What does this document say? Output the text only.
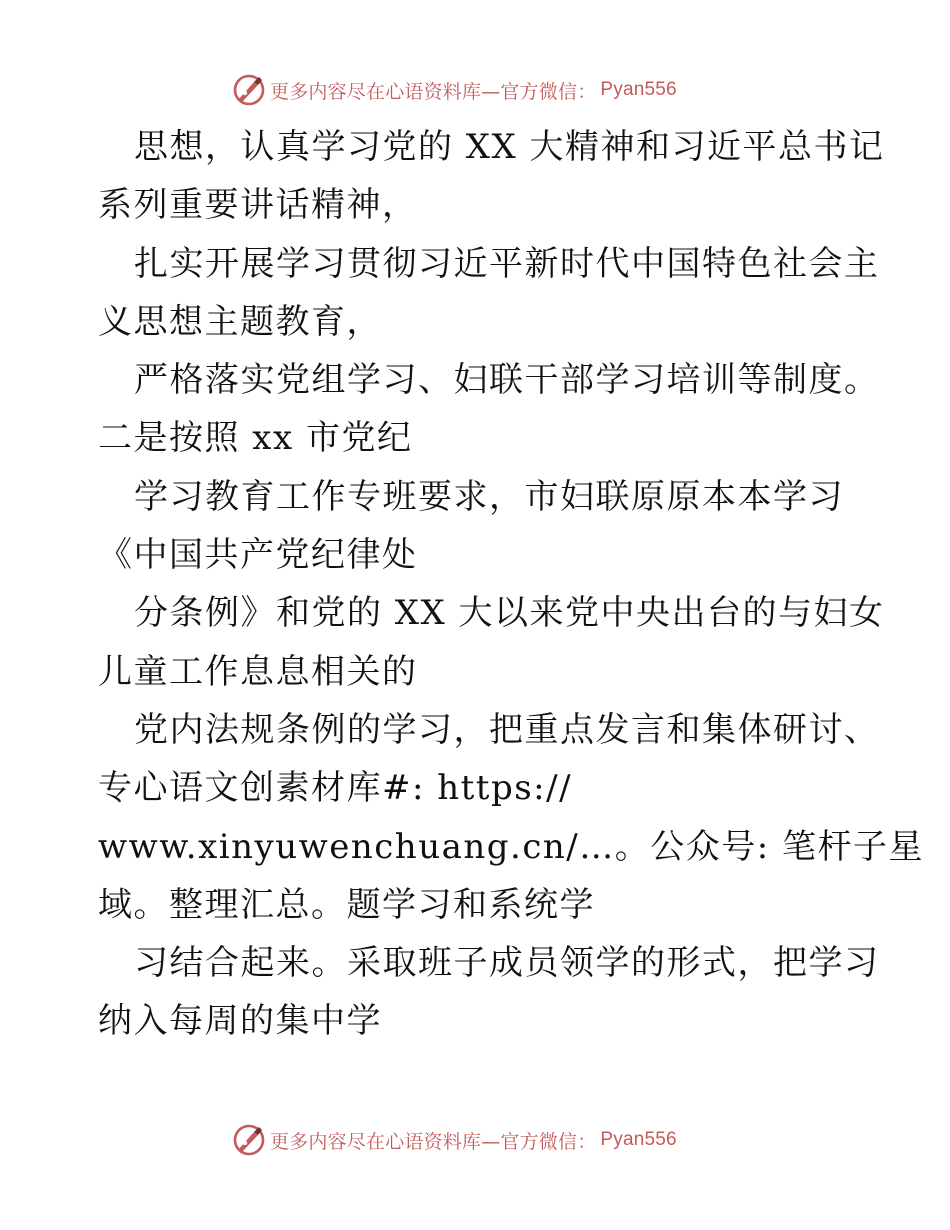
更多内容尽在心语资料库—官方微信： Pyan556
思想，认真学习党的 XX 大精神和习近平总书记
系列重要讲话精神，
扎实开展学习贯彻习近平新时代中国特色社会主
义思想主题教育，
严格落实党组学习、妇联干部学习培训等制度。
二是按照 xx 市党纪
学习教育工作专班要求，市妇联原原本本学习
《中国共产党纪律处
分条例》和党的 XX 大以来党中央出台的与妇女
儿童工作息息相关的
党内法规条例的学习，把重点发言和集体研讨、
专心语文创素材库#: https://
www.xinyuwenchuang.cn/…。公众号: 笔杆子星
域。整理汇总。题学习和系统学
习结合起来。采取班子成员领学的形式，把学习
纳入每周的集中学
更多内容尽在心语资料库—官方微信： Pyan556
